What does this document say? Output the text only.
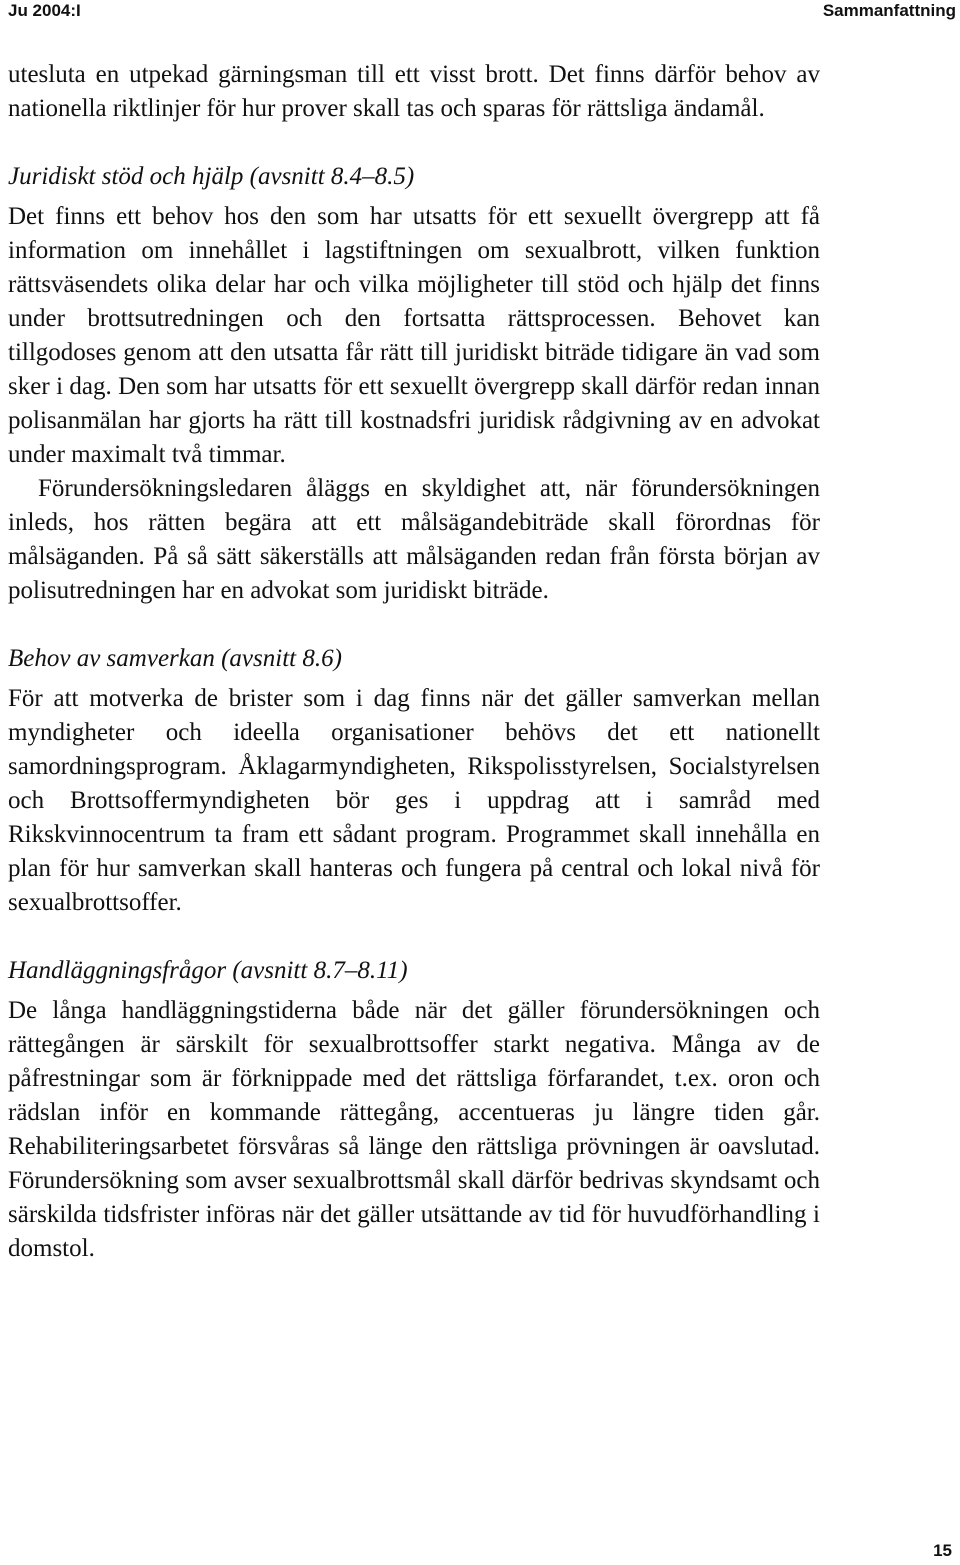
Ju 2004:I	Sammanfattning

utesluta en utpekad gärningsman till ett visst brott. Det finns därför behov av nationella riktlinjer för hur prover skall tas och sparas för rättsliga ändamål.

Juridiskt stöd och hjälp (avsnitt 8.4–8.5)

Det finns ett behov hos den som har utsatts för ett sexuellt övergrepp att få information om innehållet i lagstiftningen om sexualbrott, vilken funktion rättsväsendets olika delar har och vilka möjligheter till stöd och hjälp det finns under brottsutredningen och den fortsatta rättsprocessen. Behovet kan tillgodoses genom att den utsatta får rätt till juridiskt biträde tidigare än vad som sker i dag. Den som har utsatts för ett sexuellt övergrepp skall därför redan innan polisanmälan har gjorts ha rätt till kostnadsfri juridisk rådgivning av en advokat under maximalt två timmar.

Förundersökningsledaren åläggs en skyldighet att, när förundersökningen inleds, hos rätten begära att ett målsägandebiträde skall förordnas för målsäganden. På så sätt säkerställs att målsäganden redan från första början av polisutredningen har en advokat som juridiskt biträde.

Behov av samverkan (avsnitt 8.6)

För att motverka de brister som i dag finns när det gäller samverkan mellan myndigheter och ideella organisationer behövs det ett nationellt samordningsprogram. Åklagarmyndigheten, Rikspolisstyrelsen, Socialstyrelsen och Brottsoffermyndigheten bör ges i uppdrag att i samråd med Rikskvinnocentrum ta fram ett sådant program. Programmet skall innehålla en plan för hur samverkan skall hanteras och fungera på central och lokal nivå för sexualbrottsoffer.

Handläggningsfrågor (avsnitt 8.7–8.11)

De långa handläggningstiderna både när det gäller förundersökningen och rättegången är särskilt för sexualbrottsoffer starkt negativa. Många av de påfrestningar som är förknippade med det rättsliga förfarandet, t.ex. oron och rädslan inför en kommande rättegång, accentueras ju längre tiden går. Rehabiliteringsarbetet försvåras så länge den rättsliga prövningen är oavslutad. Förundersökning som avser sexualbrottsmål skall därför bedrivas skyndsamt och särskilda tidsfrister införas när det gäller utsättande av tid för huvudförhandling i domstol.

15
